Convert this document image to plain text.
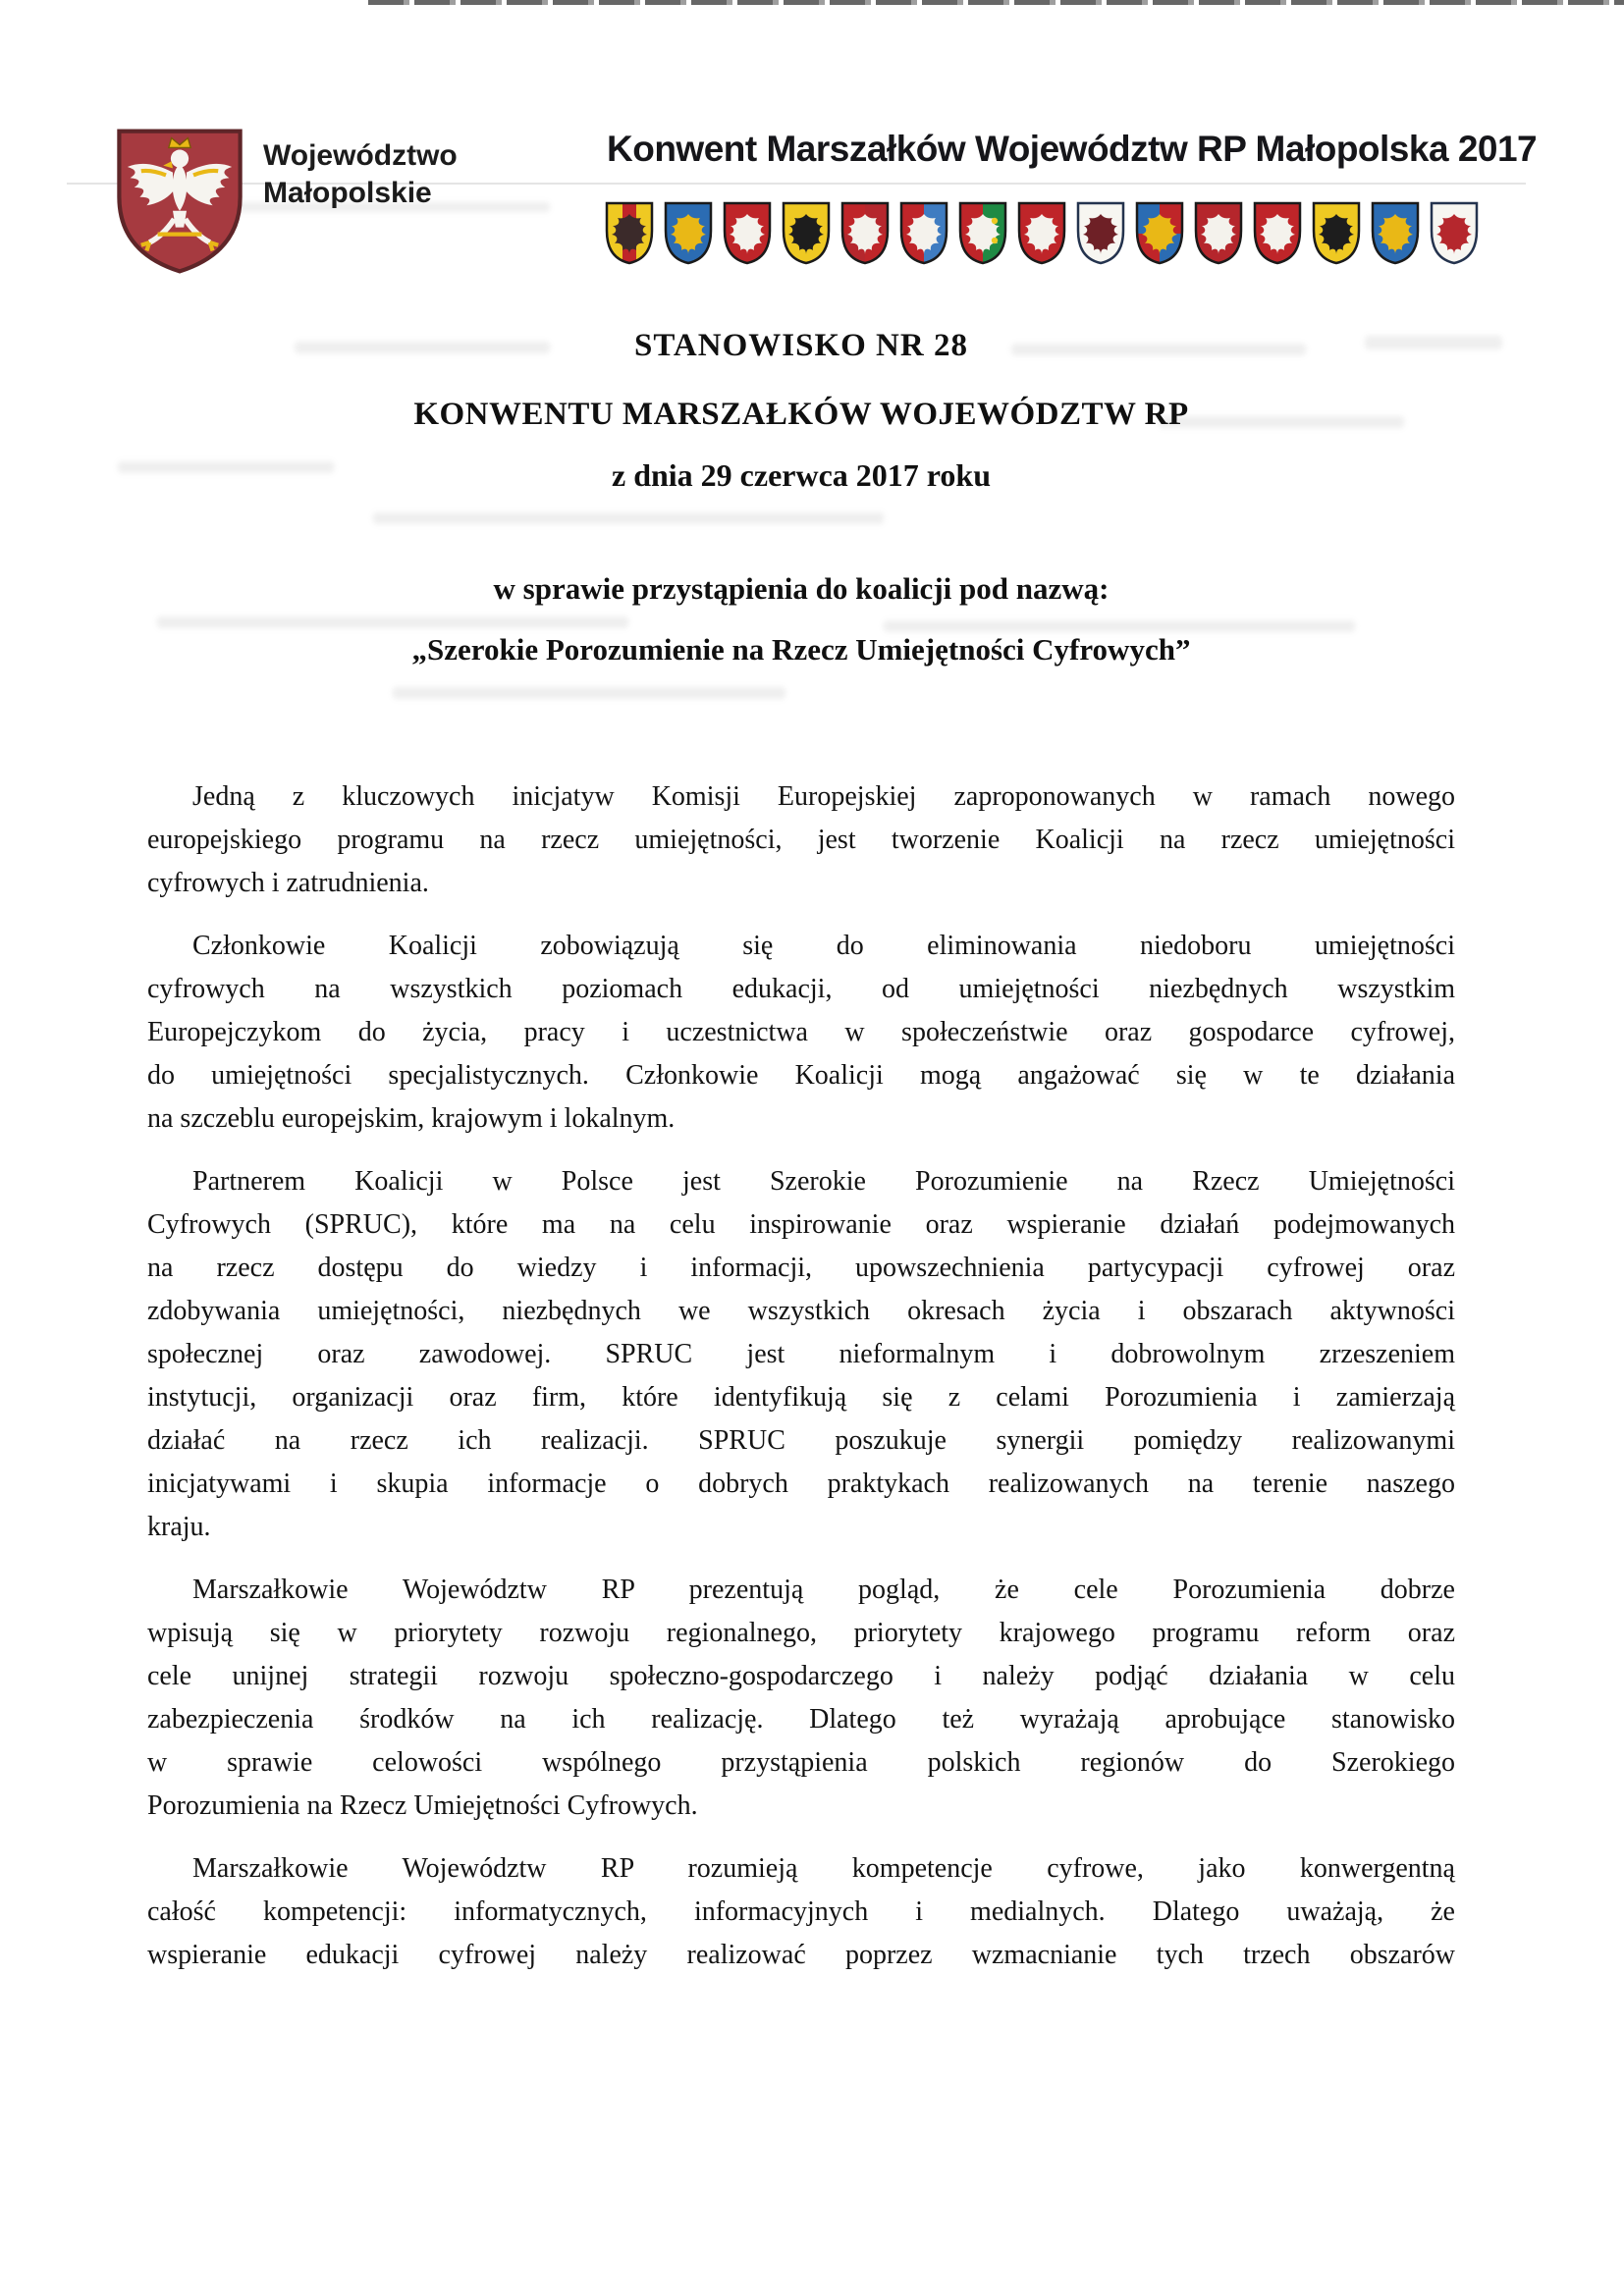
Województwo
Małopolskie
Konwent Marszałków Województw RP Małopolska 2017
STANOWISKO NR 28
KONWENTU MARSZAŁKÓW WOJEWÓDZTW RP
z dnia 29 czerwca 2017 roku
w sprawie przystąpienia do koalicji pod nazwą:
„Szerokie Porozumienie na Rzecz Umiejętności Cyfrowych”
Jedną z kluczowych inicjatyw Komisji Europejskiej zaproponowanych w ramach nowego
europejskiego programu na rzecz umiejętności, jest tworzenie Koalicji na rzecz umiejętności
cyfrowych i zatrudnienia.
Członkowie Koalicji zobowiązują się do eliminowania niedoboru umiejętności
cyfrowych na wszystkich poziomach edukacji, od umiejętności niezbędnych wszystkim
Europejczykom do życia, pracy i uczestnictwa w społeczeństwie oraz gospodarce cyfrowej,
do umiejętności specjalistycznych. Członkowie Koalicji mogą angażować się w te działania
na szczeblu europejskim, krajowym i lokalnym.
Partnerem Koalicji w Polsce jest Szerokie Porozumienie na Rzecz Umiejętności
Cyfrowych (SPRUC), które ma na celu inspirowanie oraz wspieranie działań podejmowanych
na rzecz dostępu do wiedzy i informacji, upowszechnienia partycypacji cyfrowej oraz
zdobywania umiejętności, niezbędnych we wszystkich okresach życia i obszarach aktywności
społecznej oraz zawodowej. SPRUC jest nieformalnym i dobrowolnym zrzeszeniem
instytucji, organizacji oraz firm, które identyfikują się z celami Porozumienia i zamierzają
działać na rzecz ich realizacji. SPRUC poszukuje synergii pomiędzy realizowanymi
inicjatywami i skupia informacje o dobrych praktykach realizowanych na terenie naszego
kraju.
Marszałkowie Województw RP prezentują pogląd, że cele Porozumienia dobrze
wpisują się w priorytety rozwoju regionalnego, priorytety krajowego programu reform oraz
cele unijnej strategii rozwoju społeczno-gospodarczego i należy podjąć działania w celu
zabezpieczenia środków na ich realizację. Dlatego też wyrażają aprobujące stanowisko
w sprawie celowości wspólnego przystąpienia polskich regionów do Szerokiego
Porozumienia na Rzecz Umiejętności Cyfrowych.
Marszałkowie Województw RP rozumieją kompetencje cyfrowe, jako konwergentną
całość kompetencji: informatycznych, informacyjnych i medialnych. Dlatego uważają, że
wspieranie edukacji cyfrowej należy realizować poprzez wzmacnianie tych trzech obszarów
